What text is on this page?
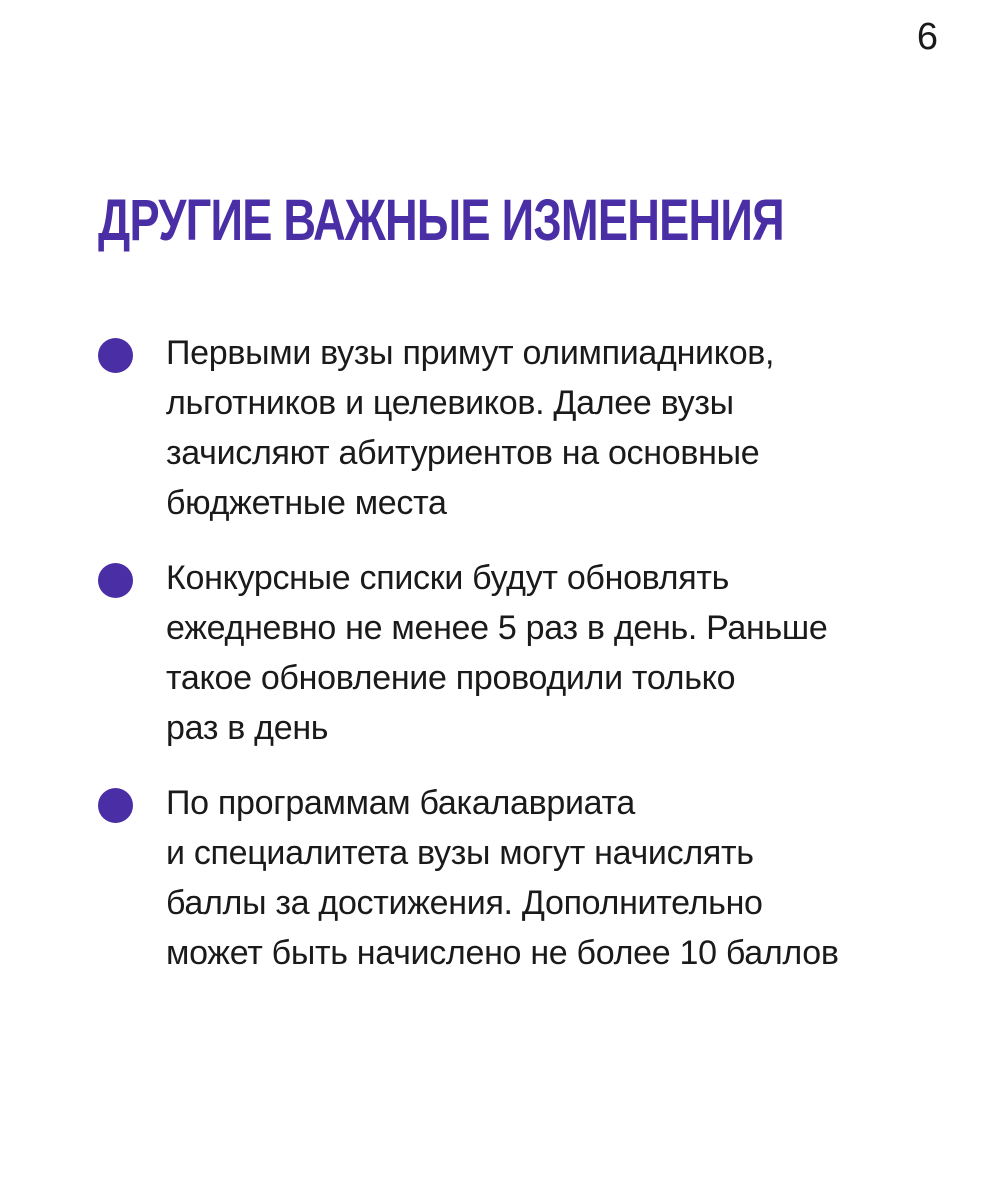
6
ДРУГИЕ ВАЖНЫЕ ИЗМЕНЕНИЯ
Первыми вузы примут олимпиадников,
льготников и целевиков. Далее вузы
зачисляют абитуриентов на основные
бюджетные места
Конкурсные списки будут обновлять
ежедневно не менее 5 раз в день. Раньше
такое обновление проводили только
раз в день
По программам бакалавриата
и специалитета вузы могут начислять
баллы за достижения. Дополнительно
может быть начислено не более 10 баллов
